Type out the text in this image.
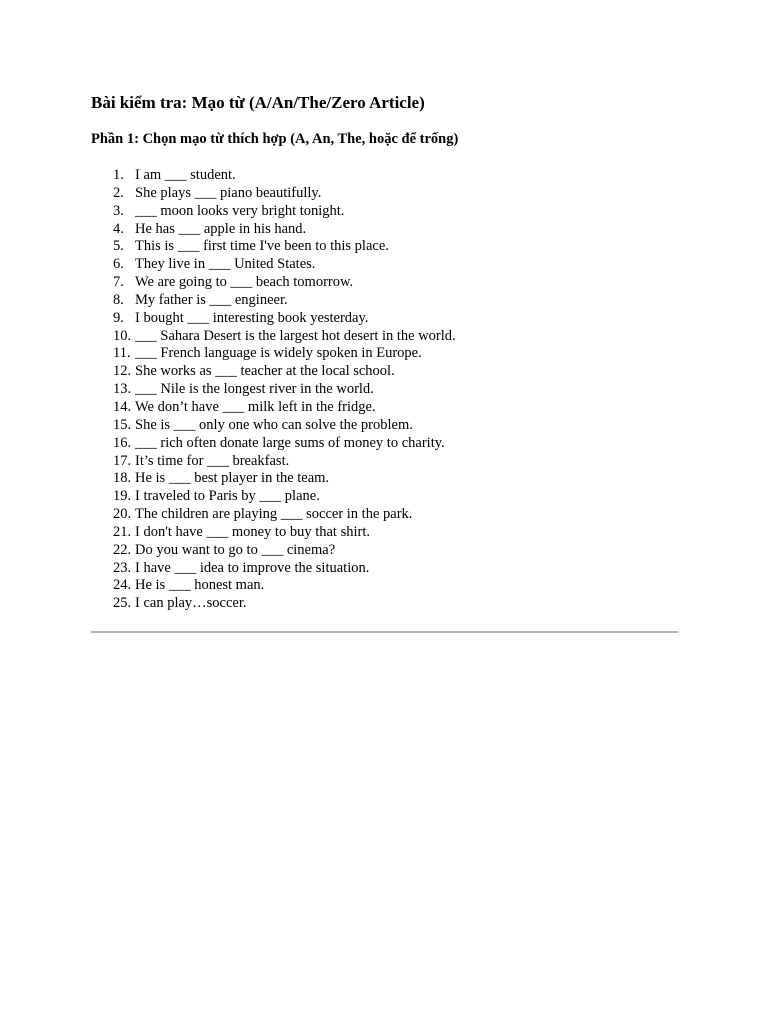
Bài kiểm tra: Mạo từ (A/An/The/Zero Article)
Phần 1: Chọn mạo từ thích hợp (A, An, The, hoặc để trống)
1. I am ___ student.
2. She plays ___ piano beautifully.
3. ___ moon looks very bright tonight.
4. He has ___ apple in his hand.
5. This is ___ first time I've been to this place.
6. They live in ___ United States.
7. We are going to ___ beach tomorrow.
8. My father is ___ engineer.
9. I bought ___ interesting book yesterday.
10. ___ Sahara Desert is the largest hot desert in the world.
11. ___ French language is widely spoken in Europe.
12. She works as ___ teacher at the local school.
13. ___ Nile is the longest river in the world.
14. We don’t have ___ milk left in the fridge.
15. She is ___ only one who can solve the problem.
16. ___ rich often donate large sums of money to charity.
17. It’s time for ___ breakfast.
18. He is ___ best player in the team.
19. I traveled to Paris by ___ plane.
20. The children are playing ___ soccer in the park.
21. I don't have ___ money to buy that shirt.
22. Do you want to go to ___ cinema?
23. I have ___ idea to improve the situation.
24. He is ___ honest man.
25. I can play…soccer.
